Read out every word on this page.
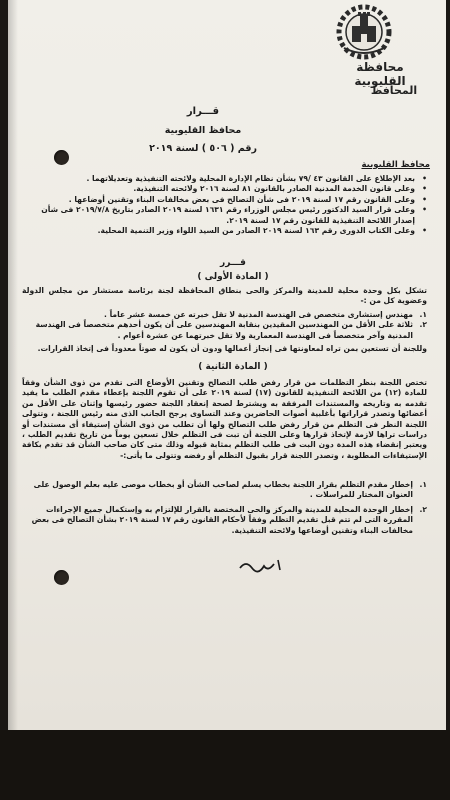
محافظة القليوبية
المحافظ
قـــرار
محافظ القليوبية
رقم ( ٥٠٦ ) لسنة ٢٠١٩
محافظ القليوبية
• بعد الإطلاع على القانون ٤٣ /٧٩ بشأن نظام الإدارة المحلية ولائحته التنفيذية وتعديلاتهما .
• وعلى قانون الخدمة المدنية الصادر بالقانون ٨١ لسنة ٢٠١٦ ولائحته التنفيذية.
• وعلى القانون رقم ١٧ لسنة ٢٠١٩ فى شأن التصالح فى بعض مخالفات البناء وتقنين أوضاعها .
• وعلى قرار السيد الدكتور رئيس مجلس الوزراء رقم ١٦٣١ لسنة ٢٠١٩ الصادر بتاريخ ٢٠١٩/٧/٨ فى شأن إصدار اللائحة التنفيذية للقانون رقم ١٧ لسنة ٢٠١٩.
• وعلى الكتاب الدورى رقم ١٦٣ لسنة ٢٠١٩ الصادر من السيد اللواء وزير التنمية المحلية.
قـــرر
( المادة الأولى )
تشكل بكل وحدة محلية للمدينة والمركز والحى بنطاق المحافظة لجنة برئاسة مستشار من مجلس الدولة وعضوية كل من :-
١.
مهندس إستشارى متخصص فى الهندسة المدنية لا تقل خبرته عن خمسة عشر عاماً .
٢.
ثلاثة على الأقل من المهندسين المقيدين بنقابة المهندسين على أن يكون أحدهم متخصصاً فى الهندسة المدنية وآخر متخصصاً فى الهندسة المعمارية ولا تقل خبرتهما عن عشرة أعوام .
وللجنة أن تستعين بمن تراه لمعاونتها فى إنجاز أعمالها ودون أن يكون له صوتاً معدوداً فى إتخاذ القرارات.
( المادة الثانية )
تختص اللجنة بنظر التظلمات من قرار رفض طلب التصالح وتقنين الأوضاع التى تقدم من ذوى الشأن وفقاً للمادة (١٢) من اللائحة التنفيذية للقانون (١٧) لسنة ٢٠١٩ على أن تقوم اللجنة بإعطاء مقدم الطلب ما يفيد تقدمه به وتاريخه والمستندات المرفقة به ويشترط لصحة إنعقاد اللجنة حضور رئيسها وإثنان على الأقل من أعضائها وتصدر قراراتها بأغلبية أصوات الحاضرين وعند التساوى يرجح الجانب الذى منه رئيس اللجنة ، وتتولى اللجنة النظر فى التظلم من قرار رفض طلب التصالح ولها أن تطلب من ذوى الشأن إستيفاء أى مستندات أو دراسات تراها لازمة لإتخاذ قرارها وعلى اللجنة أن تبت فى التظلم خلال تسعين يوماً من تاريخ تقديم الطلب ، ويعتبر إنقضاء هذه المدة دون البت فى طلب التظلم بمثابة قبوله وذلك متى كان صاحب الشأن قد تقدم بكافة الإستيفاءات المطلوبة ، وتصدر اللجنة قرار بقبول التظلم أو رفضه وتتولى ما يأتى:-
١.
إخطار مقدم التظلم بقرار اللجنة بخطاب يسلم لصاحب الشأن أو بخطاب موصى عليه بعلم الوصول على العنوان المختار للمراسلات .
٢.
إخطار الوحدة المحلية للمدينة والمركز والحى المختصة بالقرار للإلتزام به وإستكمال جميع الإجراءات المقررة التى لم تتم قبل تقديم التظلم وفقاً لأحكام القانون رقم ١٧ لسنة ٢٠١٩ بشأن التصالح فى بعض مخالفات البناء وتقنين أوضاعها ولائحته التنفيذية.
